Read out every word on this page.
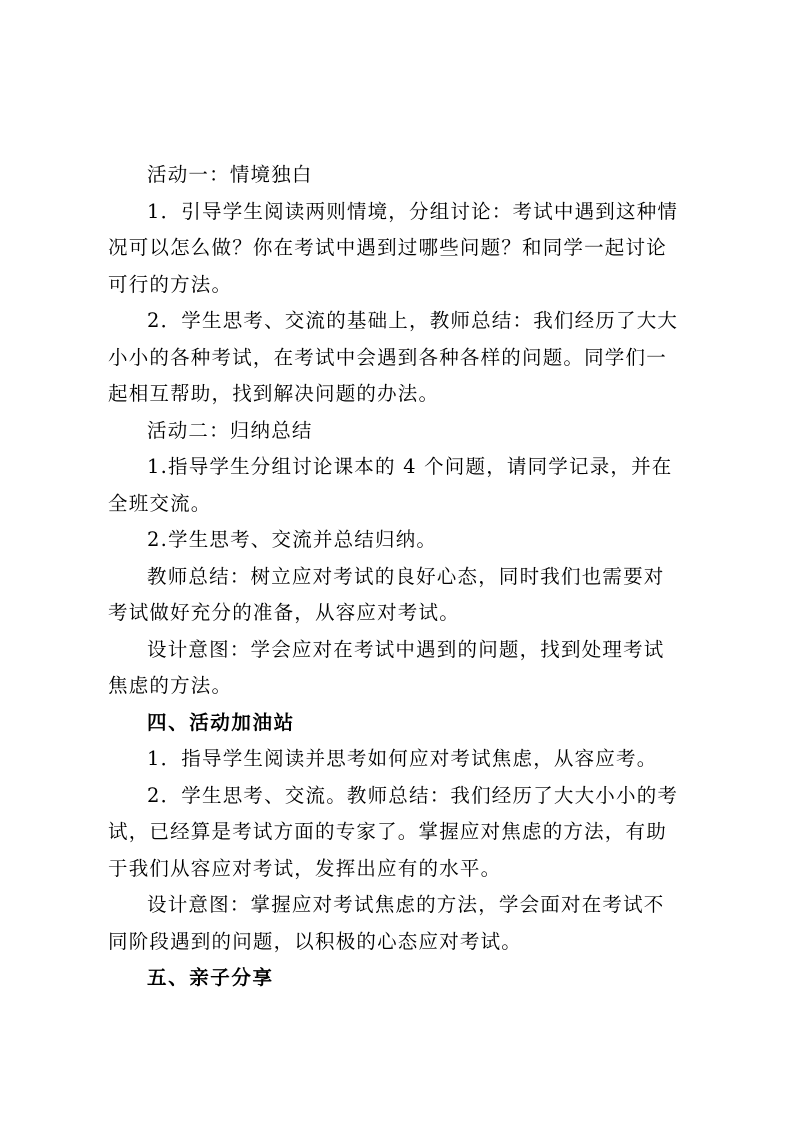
活动一：情境独白
1．引导学生阅读两则情境，分组讨论：考试中遇到这种情
况可以怎么做？你在考试中遇到过哪些问题？和同学一起讨论
可行的方法。
2．学生思考、交流的基础上，教师总结：我们经历了大大
小小的各种考试，在考试中会遇到各种各样的问题。同学们一
起相互帮助，找到解决问题的办法。
活动二：归纳总结
1.指导学生分组讨论课本的 4 个问题，请同学记录，并在
全班交流。
2.学生思考、交流并总结归纳。
教师总结：树立应对考试的良好心态，同时我们也需要对
考试做好充分的准备，从容应对考试。
设计意图：学会应对在考试中遇到的问题，找到处理考试
焦虑的方法。
四、活动加油站
1．指导学生阅读并思考如何应对考试焦虑，从容应考。
2．学生思考、交流。教师总结：我们经历了大大小小的考
试，已经算是考试方面的专家了。掌握应对焦虑的方法，有助
于我们从容应对考试，发挥出应有的水平。
设计意图：掌握应对考试焦虑的方法，学会面对在考试不
同阶段遇到的问题，以积极的心态应对考试。
五、亲子分享
